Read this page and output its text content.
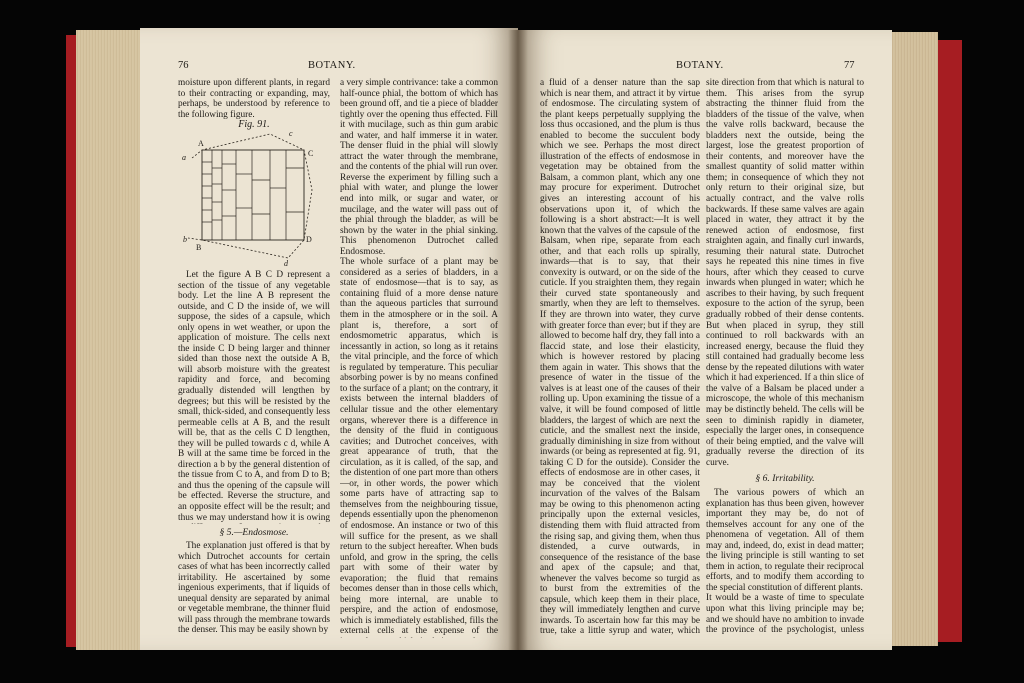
76	BOTANY.
moisture upon different plants, in regard to their contracting or expanding, may, perhaps, be understood by reference to the following figure.
Fig. 91.
a
A
c
C
b
B
D
d
Let the figure A B C D represent a section of the tissue of any vegetable body. Let the line A B represent the outside, and C D the inside of, we will suppose, the sides of a capsule, which only opens in wet weather, or upon the application of moisture. The cells next the inside C D being larger and thinner sided than those next the outside A B, will absorb moisture with the greatest rapidity and force, and becoming gradually distended will lengthen by degrees; but this will be resisted by the small, thick-sided, and consequently less permeable cells at A B, and the result will be, that as the cells C D lengthen, they will be pulled towards c d, while A B will at the same time be forced in the direction a b by the general distention of the tissue from C to A, and from D to B; and thus the opening of the capsule will be effected. Reverse the structure, and an opposite effect will be the result; and thus we may understand how it is owing
§ 5.—Endosmose.
The explanation just offered is that by which Dutrochet accounts for certain cases of what has been incorrectly called irritability. He ascertained by some ingenious experiments, that if liquids of unequal density are separated by animal or vegetable membrane, the thinner fluid will pass through the membrane towards the denser. This may be easily shown by
a very simple contrivance: take a common half-ounce phial, the bottom of which has been ground off, and tie a piece of bladder tightly over the opening thus effected. Fill it with mucilage, such as thin gum arabic and water, and half immerse it in water. The denser fluid in the phial will slowly attract the water through the membrane, and the contents of the phial will run over. Reverse the experiment by filling such a phial with water, and plunge the lower end into milk, or sugar and water, or mucilage, and the water will pass out of the phial through the bladder, as will be shown by the water in the phial sinking. This phenomenon Dutrochet called Endosmose.
The whole surface of a plant may be considered as a series of bladders, in a state of endosmose—that is to say, as containing fluid of a more dense nature than the aqueous particles that surround them in the atmosphere or in the soil. A plant is, therefore, a sort of endosmometric apparatus, which is incessantly in action, so long as it retains the vital principle, and the force of which is regulated by temperature. This peculiar absorbing power is by no means confined to the surface of a plant; on the contrary, it exists between the internal bladders of cellular tissue and the other elementary organs, wherever there is a difference in the density of the fluid in contiguous cavities; and Dutrochet conceives, with great appearance of truth, that the circulation, as it is called, of the sap, and the distention of one part more than others—or, in other words, the power which some parts have of attracting sap to themselves from the neighbouring tissue, depends essentially upon the phenomenon of endosmose. An instance or two of this will suffice for the present, as we shall return to the subject hereafter. When buds unfold, and grow in the spring, the cells part with some of their water by evaporation; the fluid that remains becomes denser than in those cells which, being more internal, are unable to perspire, and the action of endosmose, which is immediately established, fills the external cells at the expense of the
BOTANY.	77
a fluid of a denser nature than the sap which is near them, and attract it by virtue of endosmose. The circulating system of the plant keeps perpetually supplying the loss thus occasioned, and the plum is thus enabled to become the succulent body which we see. Perhaps the most direct illustration of the effects of endosmose in vegetation may be obtained from the Balsam, a common plant, which any one may procure for experiment. Dutrochet gives an interesting account of his observations upon it, of which the following is a short abstract:—It is well known that the valves of the capsule of the Balsam, when ripe, separate from each other, and that each rolls up spirally, inwards—that is to say, that their convexity is outward, or on the side of the cuticle. If you straighten them, they regain their curved state spontaneously and smartly, when they are left to themselves. If they are thrown into water, they curve with greater force than ever; but if they are allowed to become half dry, they fall into a flaccid state, and lose their elasticity, which is however restored by placing them again in water. This shows that the presence of water in the tissue of the valves is at least one of the causes of their rolling up. Upon examining the tissue of a valve, it will be found composed of little bladders, the largest of which are next the cuticle, and the smallest next the inside, gradually diminishing in size from without inwards (or being as represented at fig. 91, taking C D for the outside). Consider the effects of endosmose are in other cases, it may be conceived that the violent incurvation of the valves of the Balsam may be owing to this phenomenon acting principally upon the external vesicles, distending them with fluid attracted from the rising sap, and giving them, when thus distended, a curve outwards, in consequence of the resistance of the base and apex of the capsule; and that, whenever the valves become so turgid as to burst from the extremities of the capsule, which keep them in their place, they will immediately lengthen and curve inwards. To ascertain how far this may be true, take a little syrup and water, which
site direction from that which is natural to them. This arises from the syrup abstracting the thinner fluid from the bladders of the tissue of the valve, when the valve rolls backward, because the bladders next the outside, being the largest, lose the greatest proportion of their contents, and moreover have the smallest quantity of solid matter within them; in consequence of which they not only return to their original size, but actually contract, and the valve rolls backwards. If these same valves are again placed in water, they attract it by the renewed action of endosmose, first straighten again, and finally curl inwards, resuming their natural state. Dutrochet says he repeated this nine times in five hours, after which they ceased to curve inwards when plunged in water; which he ascribes to their having, by such frequent exposure to the action of the syrup, been gradually robbed of their dense contents. But when placed in syrup, they still continued to roll backwards with an increased energy, because the fluid they still contained had gradually become less dense by the repeated dilutions with water which it had experienced. If a thin slice of the valve of a Balsam be placed under a microscope, the whole of this mechanism may be distinctly beheld. The cells will be seen to diminish rapidly in diameter, especially the larger ones, in consequence of their being emptied, and the valve will gradually reverse the direction of its curve.

§ 6. Irritability.
The various powers of which an explanation has thus been given, however important they may be, do not of themselves account for any one of the phenomena of vegetation. All of them may and, indeed, do, exist in dead matter; the living principle is still wanting to set them in action, to regulate their reciprocal efforts, and to modify them according to the special constitution of different plants.
It would be a waste of time to speculate upon what this living principle may be; and we should have no ambition to invade the province of the psychologist, unless
